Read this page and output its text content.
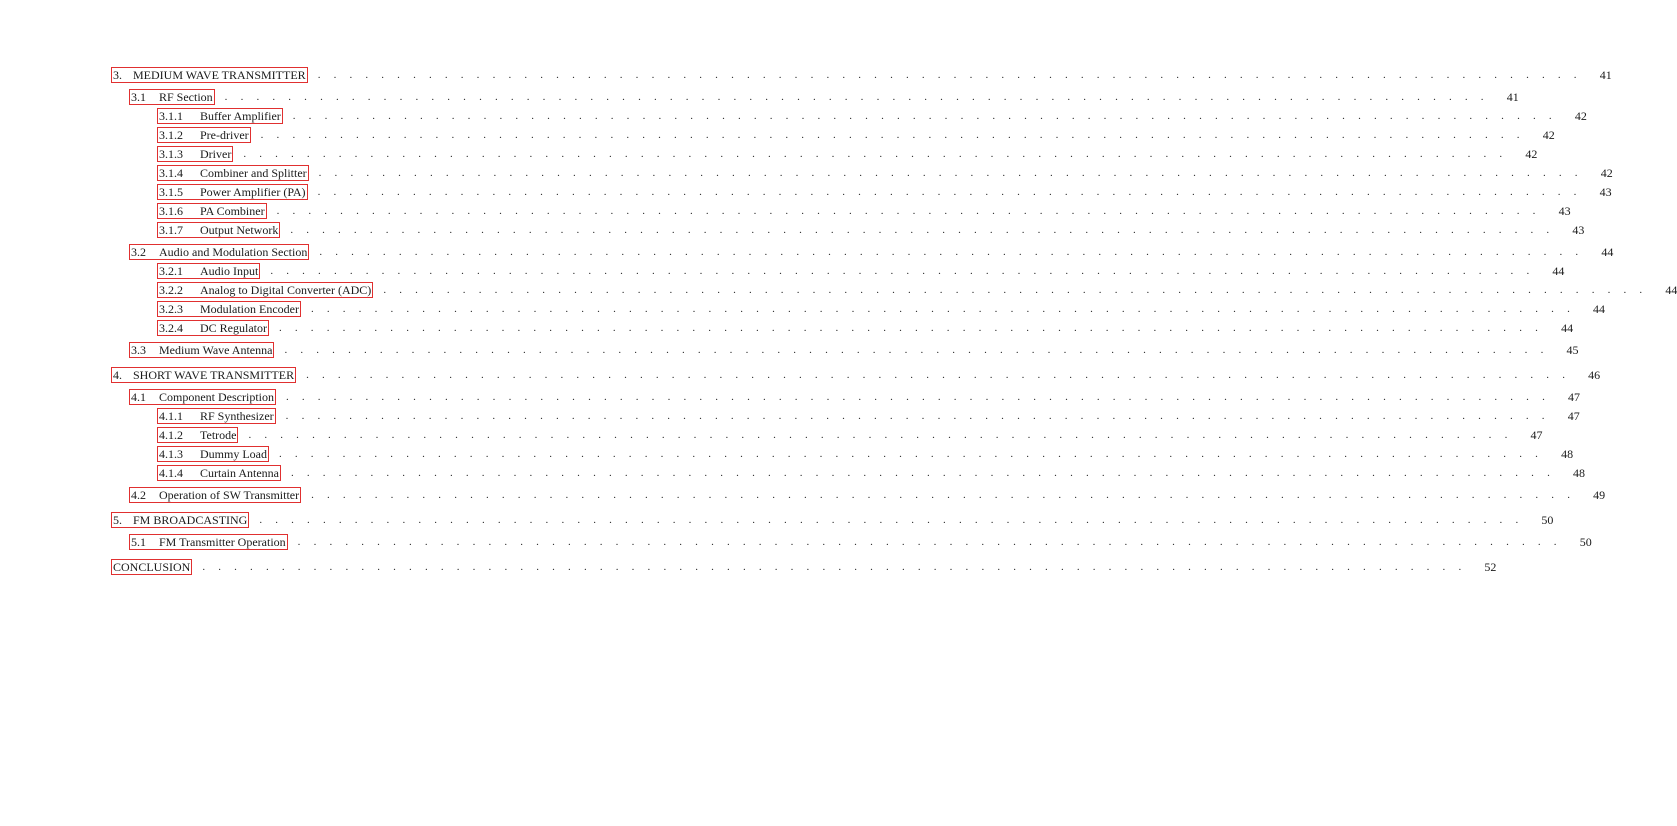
3. MEDIUM WAVE TRANSMITTER	. . . . . . . . . . . . . . . . . . . . . . . . . . . . . . . . . . . . . . . . . . . . . . . . . . . . . . . . . . . . . . . . . . . . . . . . . . . . . . . .	41
3.1	RF Section	. . . . . . . . . . . . . . . . . . . . . . . . . . . . . . . . . . . . . . . . . . . . . . . . . . . . . . . . . . . . . . . . . . . . . . . . . . . . . . . .	41
3.1.1	Buffer Amplifier	. . . . . . . . . . . . . . . . . . . . . . . . . . . . . . . . . . . . . . . . . . . . . . . . . . . . . . . . . . . . . . . . . . . . . . . . . . . . . . . .	42
3.1.2	Pre-driver	. . . . . . . . . . . . . . . . . . . . . . . . . . . . . . . . . . . . . . . . . . . . . . . . . . . . . . . . . . . . . . . . . . . . . . . . . . . . . . . .	42
3.1.3	Driver	. . . . . . . . . . . . . . . . . . . . . . . . . . . . . . . . . . . . . . . . . . . . . . . . . . . . . . . . . . . . . . . . . . . . . . . . . . . . . . . .	42
3.1.4	Combiner and Splitter	. . . . . . . . . . . . . . . . . . . . . . . . . . . . . . . . . . . . . . . . . . . . . . . . . . . . . . . . . . . . . . . . . . . . . . . . . . . . . . . .	42
3.1.5	Power Amplifier (PA)	. . . . . . . . . . . . . . . . . . . . . . . . . . . . . . . . . . . . . . . . . . . . . . . . . . . . . . . . . . . . . . . . . . . . . . . . . . . . . . . .	43
3.1.6	PA Combiner	. . . . . . . . . . . . . . . . . . . . . . . . . . . . . . . . . . . . . . . . . . . . . . . . . . . . . . . . . . . . . . . . . . . . . . . . . . . . . . . .	43
3.1.7	Output Network	. . . . . . . . . . . . . . . . . . . . . . . . . . . . . . . . . . . . . . . . . . . . . . . . . . . . . . . . . . . . . . . . . . . . . . . . . . . . . . . .	43
3.2	Audio and Modulation Section	. . . . . . . . . . . . . . . . . . . . . . . . . . . . . . . . . . . . . . . . . . . . . . . . . . . . . . . . . . . . . . . . . . . . . . . . . . . . . . . .	44
3.2.1	Audio Input	. . . . . . . . . . . . . . . . . . . . . . . . . . . . . . . . . . . . . . . . . . . . . . . . . . . . . . . . . . . . . . . . . . . . . . . . . . . . . . . .	44
3.2.2	Analog to Digital Converter (ADC)	. . . . . . . . . . . . . . . . . . . . . . . . . . . . . . . . . . . . . . . . . . . . . . . . . . . . . . . . . . . . . . . . . . . . . . . . . . . . . . . .	44
3.2.3	Modulation Encoder	. . . . . . . . . . . . . . . . . . . . . . . . . . . . . . . . . . . . . . . . . . . . . . . . . . . . . . . . . . . . . . . . . . . . . . . . . . . . . . . .	44
3.2.4	DC Regulator	. . . . . . . . . . . . . . . . . . . . . . . . . . . . . . . . . . . . . . . . . . . . . . . . . . . . . . . . . . . . . . . . . . . . . . . . . . . . . . . .	44
3.3	Medium Wave Antenna	. . . . . . . . . . . . . . . . . . . . . . . . . . . . . . . . . . . . . . . . . . . . . . . . . . . . . . . . . . . . . . . . . . . . . . . . . . . . . . . .	45
4. SHORT WAVE TRANSMITTER	. . . . . . . . . . . . . . . . . . . . . . . . . . . . . . . . . . . . . . . . . . . . . . . . . . . . . . . . . . . . . . . . . . . . . . . . . . . . . . . .	46
4.1	Component Description	. . . . . . . . . . . . . . . . . . . . . . . . . . . . . . . . . . . . . . . . . . . . . . . . . . . . . . . . . . . . . . . . . . . . . . . . . . . . . . . .	47
4.1.1	RF Synthesizer	. . . . . . . . . . . . . . . . . . . . . . . . . . . . . . . . . . . . . . . . . . . . . . . . . . . . . . . . . . . . . . . . . . . . . . . . . . . . . . . .	47
4.1.2	Tetrode	. . . . . . . . . . . . . . . . . . . . . . . . . . . . . . . . . . . . . . . . . . . . . . . . . . . . . . . . . . . . . . . . . . . . . . . . . . . . . . . .	47
4.1.3	Dummy Load	. . . . . . . . . . . . . . . . . . . . . . . . . . . . . . . . . . . . . . . . . . . . . . . . . . . . . . . . . . . . . . . . . . . . . . . . . . . . . . . .	48
4.1.4	Curtain Antenna	. . . . . . . . . . . . . . . . . . . . . . . . . . . . . . . . . . . . . . . . . . . . . . . . . . . . . . . . . . . . . . . . . . . . . . . . . . . . . . . .	48
4.2	Operation of SW Transmitter	. . . . . . . . . . . . . . . . . . . . . . . . . . . . . . . . . . . . . . . . . . . . . . . . . . . . . . . . . . . . . . . . . . . . . . . . . . . . . . . .	49
5. FM BROADCASTING	. . . . . . . . . . . . . . . . . . . . . . . . . . . . . . . . . . . . . . . . . . . . . . . . . . . . . . . . . . . . . . . . . . . . . . . . . . . . . . . .	50
5.1	FM Transmitter Operation	. . . . . . . . . . . . . . . . . . . . . . . . . . . . . . . . . . . . . . . . . . . . . . . . . . . . . . . . . . . . . . . . . . . . . . . . . . . . . . . .	50
CONCLUSION	. . . . . . . . . . . . . . . . . . . . . . . . . . . . . . . . . . . . . . . . . . . . . . . . . . . . . . . . . . . . . . . . . . . . . . . . . . . . . . . .	52
